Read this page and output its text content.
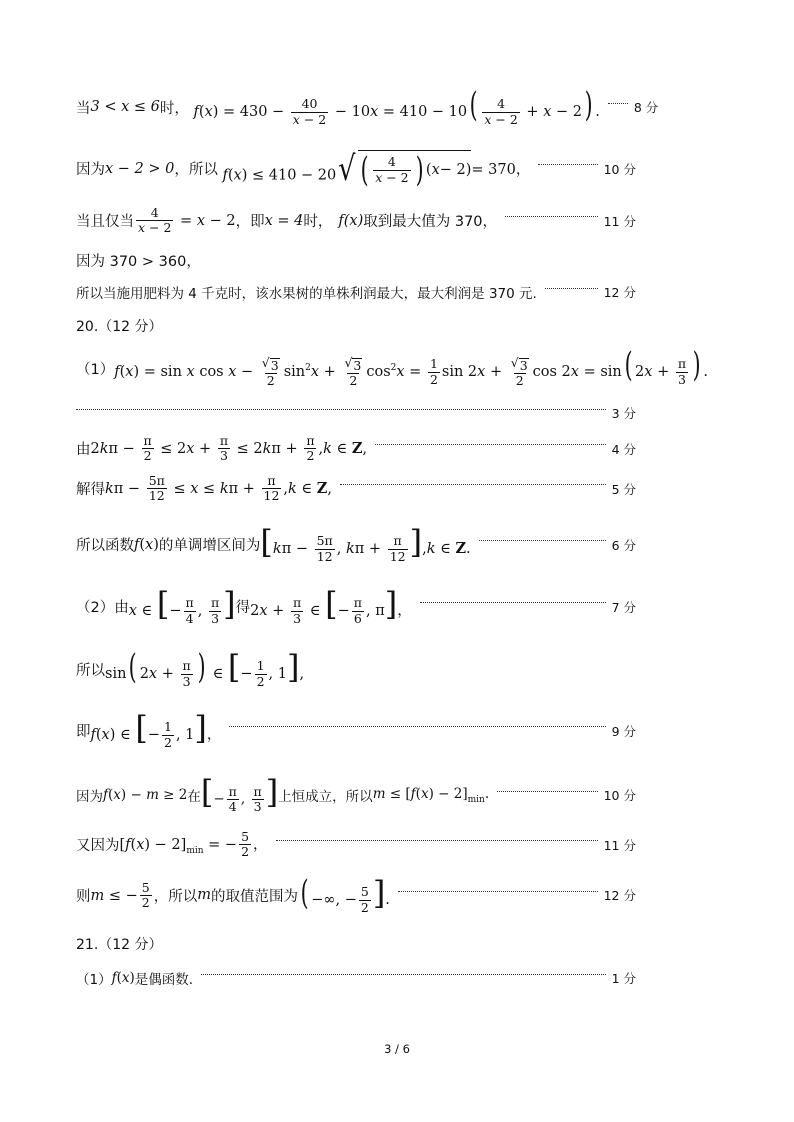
当 3 < x ≤ 6 时， $f(x) = 430 - \frac{40}{x - 2} - 10x = 410 - 10( \frac{4}{x - 2} + x - 2)$ .	8 分
因为 x − 2 > 0 ，所以 f(x) ≤ 410 − 20 √ ( $\frac{4}{x - 2}$ ) ( x − 2) = 370，	10 分
当且仅当 $\frac{4}{x - 2} = x - 2$ ，即 x = 4 时， f(x) 取到最大值为 370，	11 分
因为 370 > 360，
所以当施用肥料为 4 千克时，该水果树的单株利润最大，最大利润是 370 元.	12 分
20.（12 分）
（1） f(x) = sin x $\cos x - \frac{√ 3}{2} \sin^2x + \frac{√ 3}{2} \cos^2x = \frac{1}{2}$ $\sin 2x + \frac{√ 3}{2}$ cos 2x = sin( $2x + \frac{\pi}{3}$ ) .
3 分
由 $2k\pi - \frac{\pi}{2} \le 2x + \frac{\pi}{3} \le 2k\pi + \frac{\pi}{2} ,k$ ∈ Z,	4 分
解得 $k\pi - \frac{5\pi}{12} \le x \le k\pi + \frac{\pi}{12} ,k$ ∈ Z,	5 分
所以函数 f(x) 的单调增区间为 [$k\pi - \frac{5\pi}{12}$ , $k\pi + \frac{\pi}{12} ],k$ ∈ Z.	6 分
（2）由 x ∈ [− $\frac{\pi}{4}$ , $\frac{\pi}{3}$ ] 得 $2x + \frac{\pi}{3}$ ∈ [− $\frac{\pi}{6}$ , π]，	7 分
所以 sin( $2x + \frac{\pi}{3}$ ) ∈ [− $\frac{1}{2}$ , 1],
即 f(x) ∈ [− $\frac{1}{2}$ , 1]，	9 分
因为 f(x) − m ≥ 2 在 [− $\frac{\pi}{4}$ , $\frac{\pi}{3}$ ] 上恒成立，所以 $m \le [f(x) - 2]_{min}$.	10 分
又因为 $[f(x) - 2]_{min}$ = − $\frac{5}{2}$ ，	11 分
则 m ≤ − $\frac{5}{2}$ ，所以 m 的取值范围为 ( −∞, − $\frac{5}{2}$ ].	12 分
21.（12 分）
（1） f(x) 是偶函数.	1 分
3 / 6
